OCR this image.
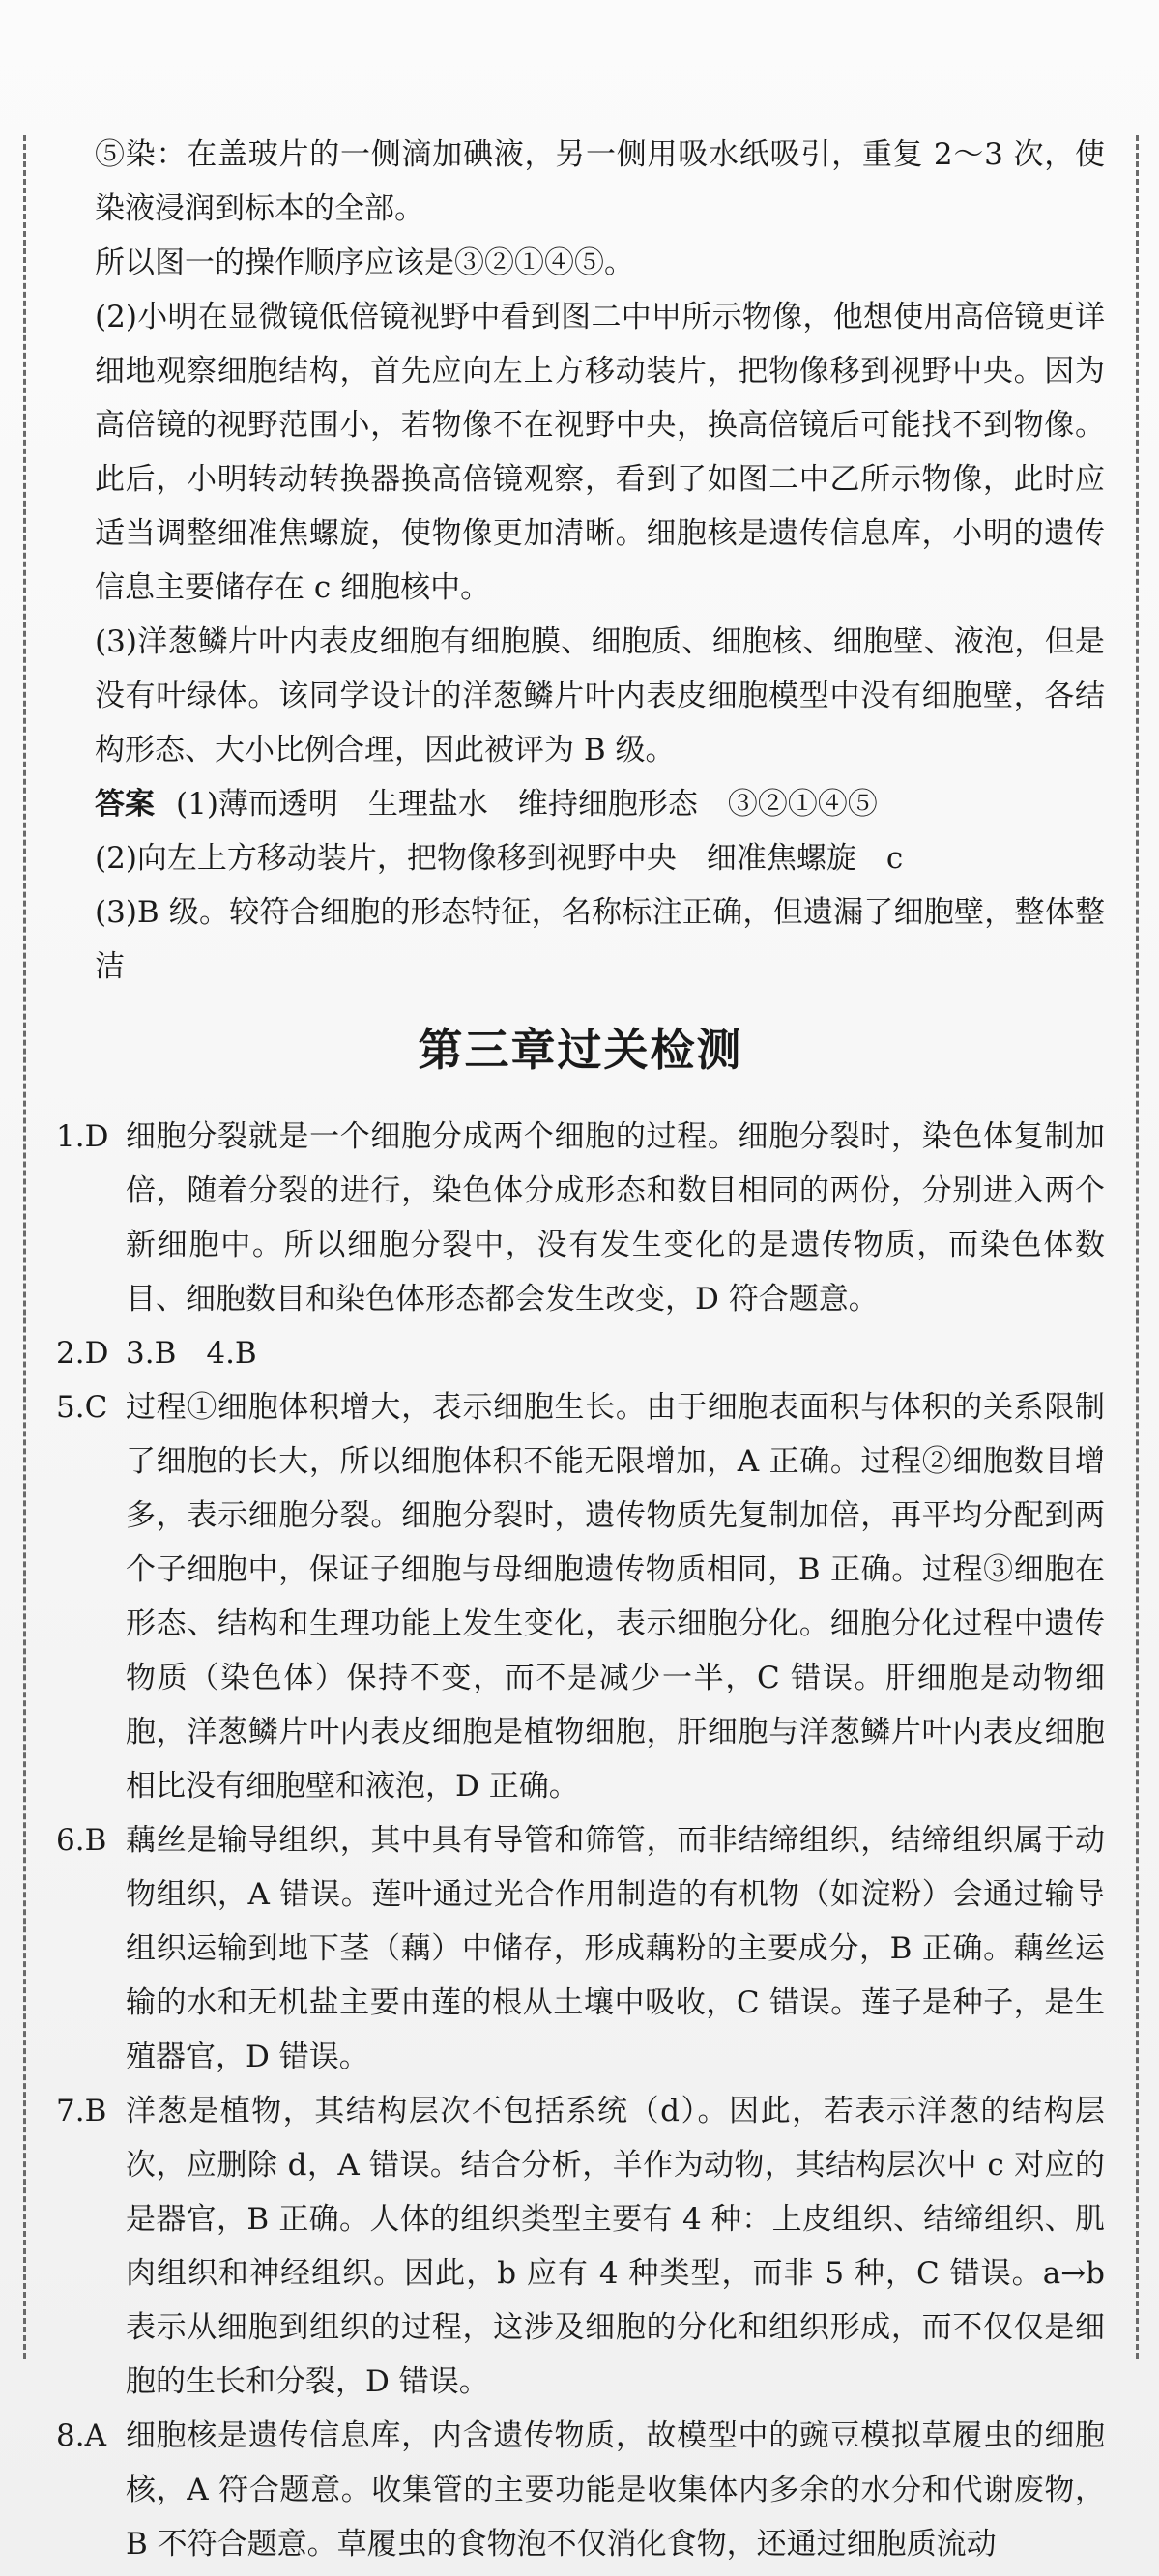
⑤染：在盖玻片的一侧滴加碘液，另一侧用吸水纸吸引，重复 2～3 次，使染液浸润到标本的全部。

所以图一的操作顺序应该是③②①④⑤。

(2)小明在显微镜低倍镜视野中看到图二中甲所示物像，他想使用高倍镜更详细地观察细胞结构，首先应向左上方移动装片，把物像移到视野中央。因为高倍镜的视野范围小，若物像不在视野中央，换高倍镜后可能找不到物像。此后，小明转动转换器换高倍镜观察，看到了如图二中乙所示物像，此时应适当调整细准焦螺旋，使物像更加清晰。细胞核是遗传信息库，小明的遗传信息主要储存在 c 细胞核中。

(3)洋葱鳞片叶内表皮细胞有细胞膜、细胞质、细胞核、细胞壁、液泡，但是没有叶绿体。该同学设计的洋葱鳞片叶内表皮细胞模型中没有细胞壁，各结构形态、大小比例合理，因此被评为 B 级。

答案 (1)薄而透明　生理盐水　维持细胞形态　③②①④⑤

(2)向左上方移动装片，把物像移到视野中央　细准焦螺旋　c

(3)B 级。较符合细胞的形态特征，名称标注正确，但遗漏了细胞壁，整体整洁

第三章过关检测
1.D 细胞分裂就是一个细胞分成两个细胞的过程。细胞分裂时，染色体复制加倍，随着分裂的进行，染色体分成形态和数目相同的两份，分别进入两个新细胞中。所以细胞分裂中，没有发生变化的是遗传物质，而染色体数目、细胞数目和染色体形态都会发生改变，D 符合题意。
2.D 3.B　4.B
5.C 过程①细胞体积增大，表示细胞生长。由于细胞表面积与体积的关系限制了细胞的长大，所以细胞体积不能无限增加，A 正确。过程②细胞数目增多，表示细胞分裂。细胞分裂时，遗传物质先复制加倍，再平均分配到两个子细胞中，保证子细胞与母细胞遗传物质相同，B 正确。过程③细胞在形态、结构和生理功能上发生变化，表示细胞分化。细胞分化过程中遗传物质（染色体）保持不变，而不是减少一半，C 错误。肝细胞是动物细胞，洋葱鳞片叶内表皮细胞是植物细胞，肝细胞与洋葱鳞片叶内表皮细胞相比没有细胞壁和液泡，D 正确。
6.B 藕丝是输导组织，其中具有导管和筛管，而非结缔组织，结缔组织属于动物组织，A 错误。莲叶通过光合作用制造的有机物（如淀粉）会通过输导组织运输到地下茎（藕）中储存，形成藕粉的主要成分，B 正确。藕丝运输的水和无机盐主要由莲的根从土壤中吸收，C 错误。莲子是种子，是生殖器官，D 错误。
7.B 洋葱是植物，其结构层次不包括系统（d）。因此，若表示洋葱的结构层次，应删除 d，A 错误。结合分析，羊作为动物，其结构层次中 c 对应的是器官，B 正确。人体的组织类型主要有 4 种：上皮组织、结缔组织、肌肉组织和神经组织。因此，b 应有 4 种类型，而非 5 种，C 错误。a→b 表示从细胞到组织的过程，这涉及细胞的分化和组织形成，而不仅仅是细胞的生长和分裂，D 错误。
8.A 细胞核是遗传信息库，内含遗传物质，故模型中的豌豆模拟草履虫的细胞核，A 符合题意。收集管的主要功能是收集体内多余的水分和代谢废物，B 不符合题意。草履虫的食物泡不仅消化食物，还通过细胞质流动
